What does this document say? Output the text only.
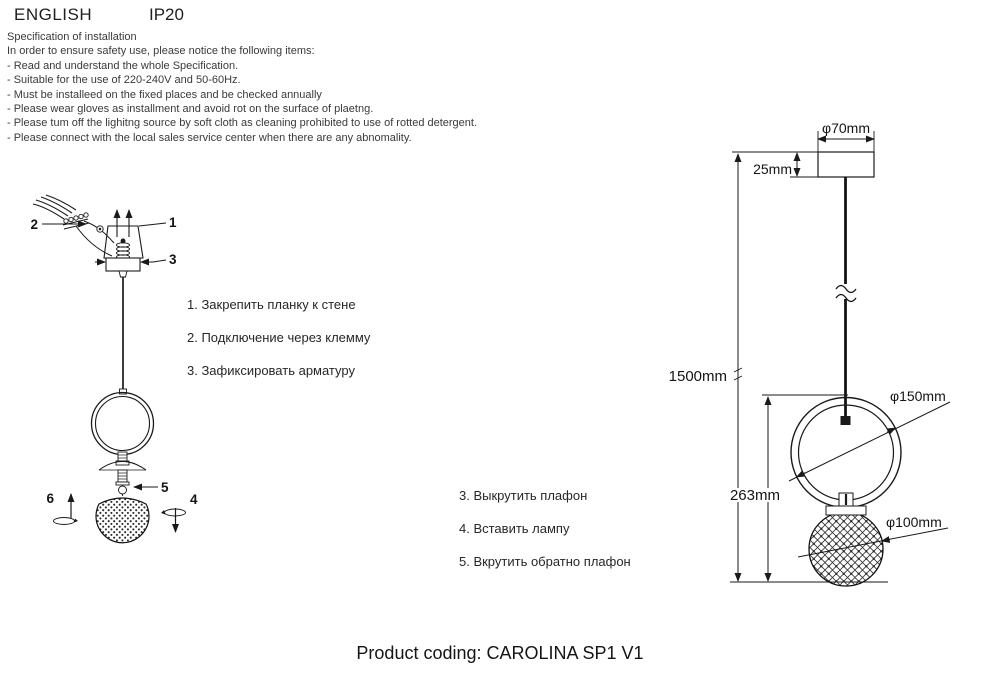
ENGLISH	IP20
Specification of installation
In order to ensure safety use, please notice the following items:
- Read and understand the whole Specification.
- Suitable for the use of 220-240V and 50-60Hz.
- Must be installeed on the fixed places and be checked annually
- Please wear gloves as installment and avoid rot on the surface of plaetng.
- Please tum off the lighitng source by soft cloth as cleaning prohibited to use of rotted detergent.
- Please connect with the local sales service center when there are any abnomality.
2	1
3
5
6	4
1. Закрепить планку к стене
2. Подключение через клемму
3. Зафиксировать арматуру
3. Выкрутить плафон
4. Вставить лампу
5. Вкрутить обратно плафон
φ70mm
25mm
1500mm
φ150mm
263mm
φ100mm
Product coding: CAROLINA SP1 V1
